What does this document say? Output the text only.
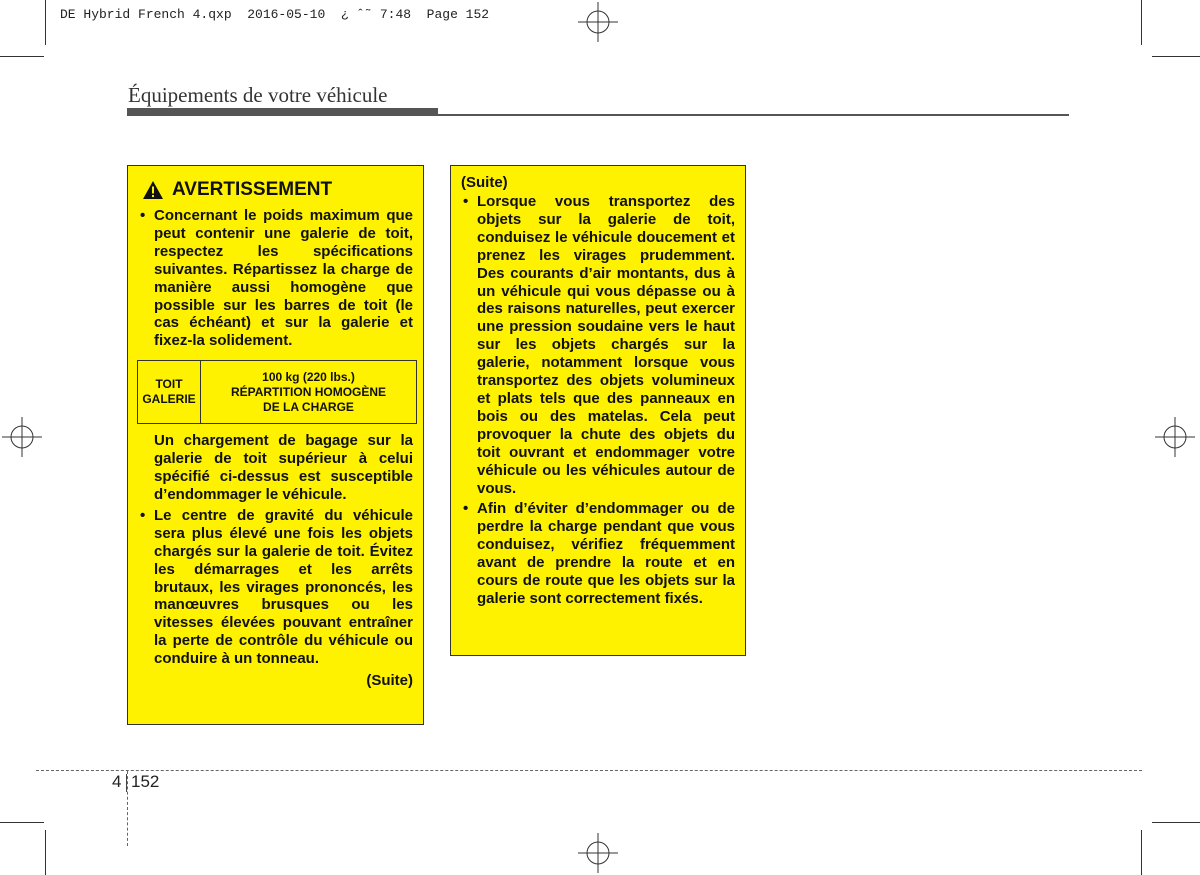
DE Hybrid French 4.qxp  2016-05-10  ¿ ˆ˜ 7:48  Page 152
Équipements de votre véhicule
AVERTISSEMENT
• Concernant le poids maximum que peut contenir une galerie de toit, respectez les spécifications suivantes. Répartissez la charge de manière aussi homogène que possible sur les barres de toit (le cas échéant) et sur la galerie et fixez-la solidement.
TOIT
GALERIE

100 kg (220 lbs.)
RÉPARTITION HOMOGÈNE
DE LA CHARGE
Un chargement de bagage sur la galerie de toit supérieur à celui spécifié ci-dessus est susceptible d’endommager le véhicule.
• Le centre de gravité du véhicule sera plus élevé une fois les objets chargés sur la galerie de toit. Évitez les démarrages et les arrêts brutaux, les virages prononcés, les manœuvres brusques ou les vitesses élevées pouvant entraîner la perte de contrôle du véhicule ou conduire à un tonneau.
(Suite)
(Suite)
• Lorsque vous transportez des objets sur la galerie de toit, conduisez le véhicule doucement et prenez les virages prudemment. Des courants d’air montants, dus à un véhicule qui vous dépasse ou à des raisons naturelles, peut exercer une pression soudaine vers le haut sur les objets chargés sur la galerie, notamment lorsque vous transportez des objets volumineux et plats tels que des panneaux en bois ou des matelas. Cela peut provoquer la chute des objets du toit ouvrant et endommager votre véhicule ou les véhicules autour de vous.
• Afin d’éviter d’endommager ou de perdre la charge pendant que vous conduisez, vérifiez fréquemment avant de prendre la route et en cours de route que les objets sur la galerie sont correctement fixés.
4 152
